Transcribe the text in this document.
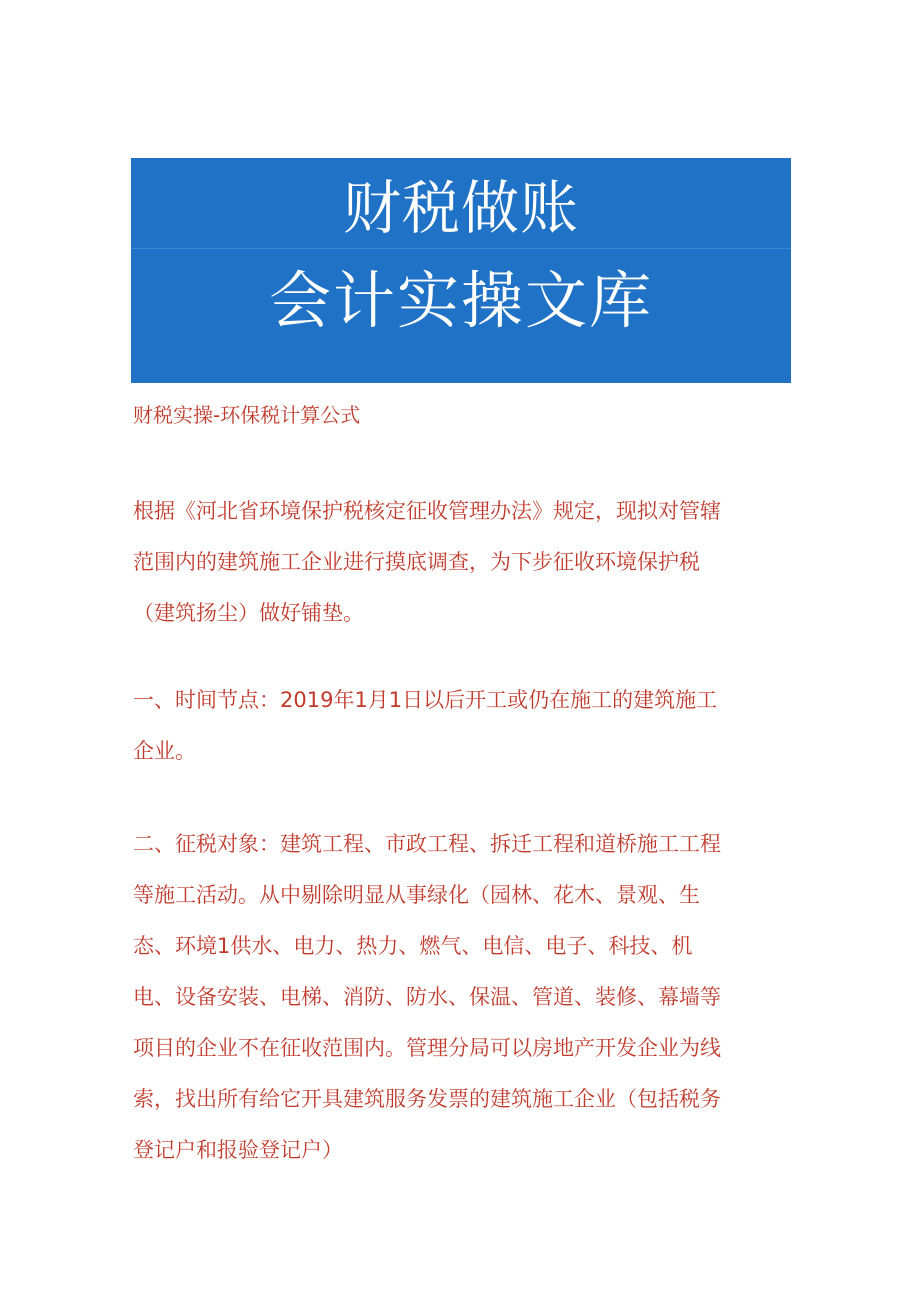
财税做账
会计实操文库
财税实操-环保税计算公式
根据《河北省环境保护税核定征收管理办法》规定，现拟对管辖
范围内的建筑施工企业进行摸底调查，为下步征收环境保护税
（建筑扬尘）做好铺垫。
一、时间节点：2019年1月1日以后开工或仍在施工的建筑施工
企业。
二、征税对象：建筑工程、市政工程、拆迁工程和道桥施工工程
等施工活动。从中剔除明显从事绿化（园林、花木、景观、生
态、环境1供水、电力、热力、燃气、电信、电子、科技、机
电、设备安装、电梯、消防、防水、保温、管道、装修、幕墙等
项目的企业不在征收范围内。管理分局可以房地产开发企业为线
索，找出所有给它开具建筑服务发票的建筑施工企业（包括税务
登记户和报验登记户）
